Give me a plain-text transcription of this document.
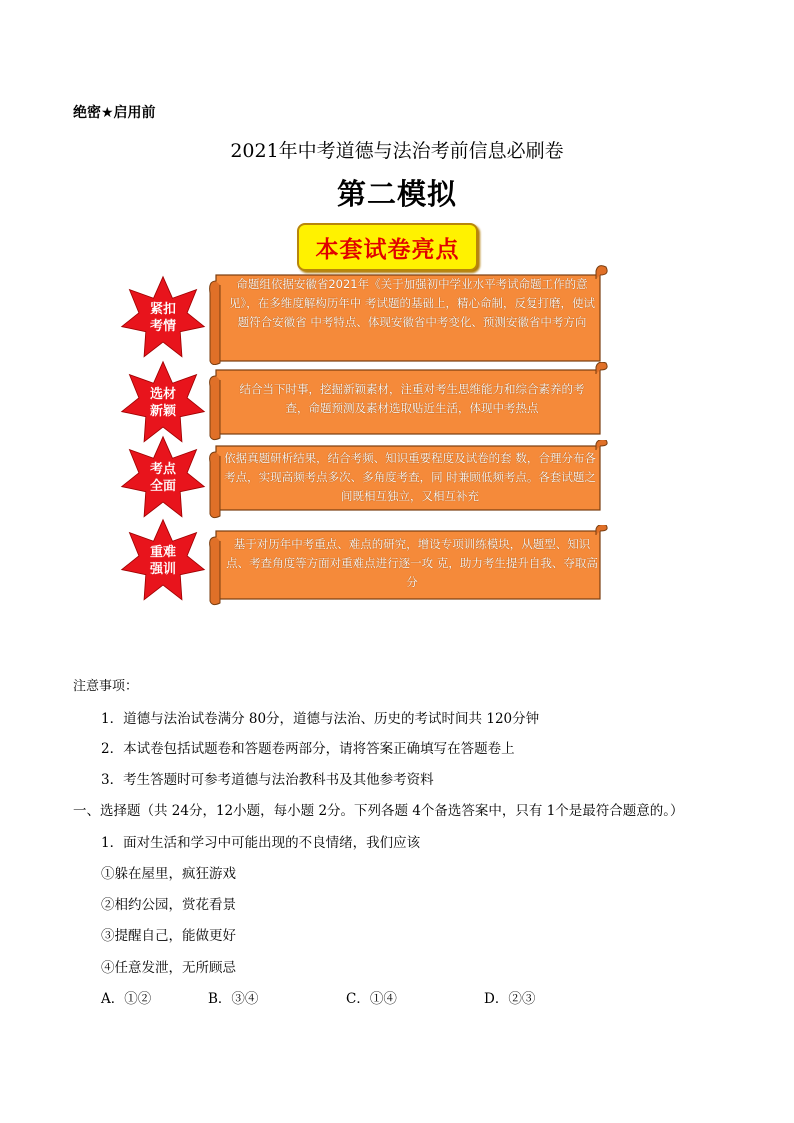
绝密★启用前
2021年中考道德与法治考前信息必刷卷
第二模拟
本套试卷亮点
紧扣
考情
命题组依据安徽省2021年《关于加强初中学业水平考试命题工作的意见》，在多维度解构历年中 考试题的基础上，精心命制，反复打磨，使试题符合安徽省 中考特点、体现安徽省中考变化、预测安徽省中考方向
选材
新颖
结合当下时事，挖掘新颖素材，注重对考生思维能力和综合素养的考查，命题预测及素材选取贴近生活，体现中考热点
考点
全面
依据真题研析结果，结合考频、知识重要程度及试卷的套 数，合理分布各考点，实现高频考点多次、多角度考查，同 时兼顾低频考点。各套试题之间既相互独立，又相互补充
重难
强训
基于对历年中考重点、难点的研究，增设专项训练模块，从题型、知识点、考查角度等方面对重难点进行逐一攻 克，助力考生提升自我、夺取高分
注意事项：
1．道德与法治试卷满分 80分，道德与法治、历史的考试时间共 120分钟
2．本试卷包括试题卷和答题卷两部分，请将答案正确填写在答题卷上
3．考生答题时可参考道德与法治教科书及其他参考资料
一、选择题（共 24分，12小题，每小题 2分。下列各题 4个备选答案中，只有 1个是最符合题意的。）
1．面对生活和学习中可能出现的不良情绪，我们应该
①躲在屋里，疯狂游戏
②相约公园，赏花看景
③提醒自己，能做更好
④任意发泄，无所顾忌
A．①②	B．③④	C．①④	D．②③
